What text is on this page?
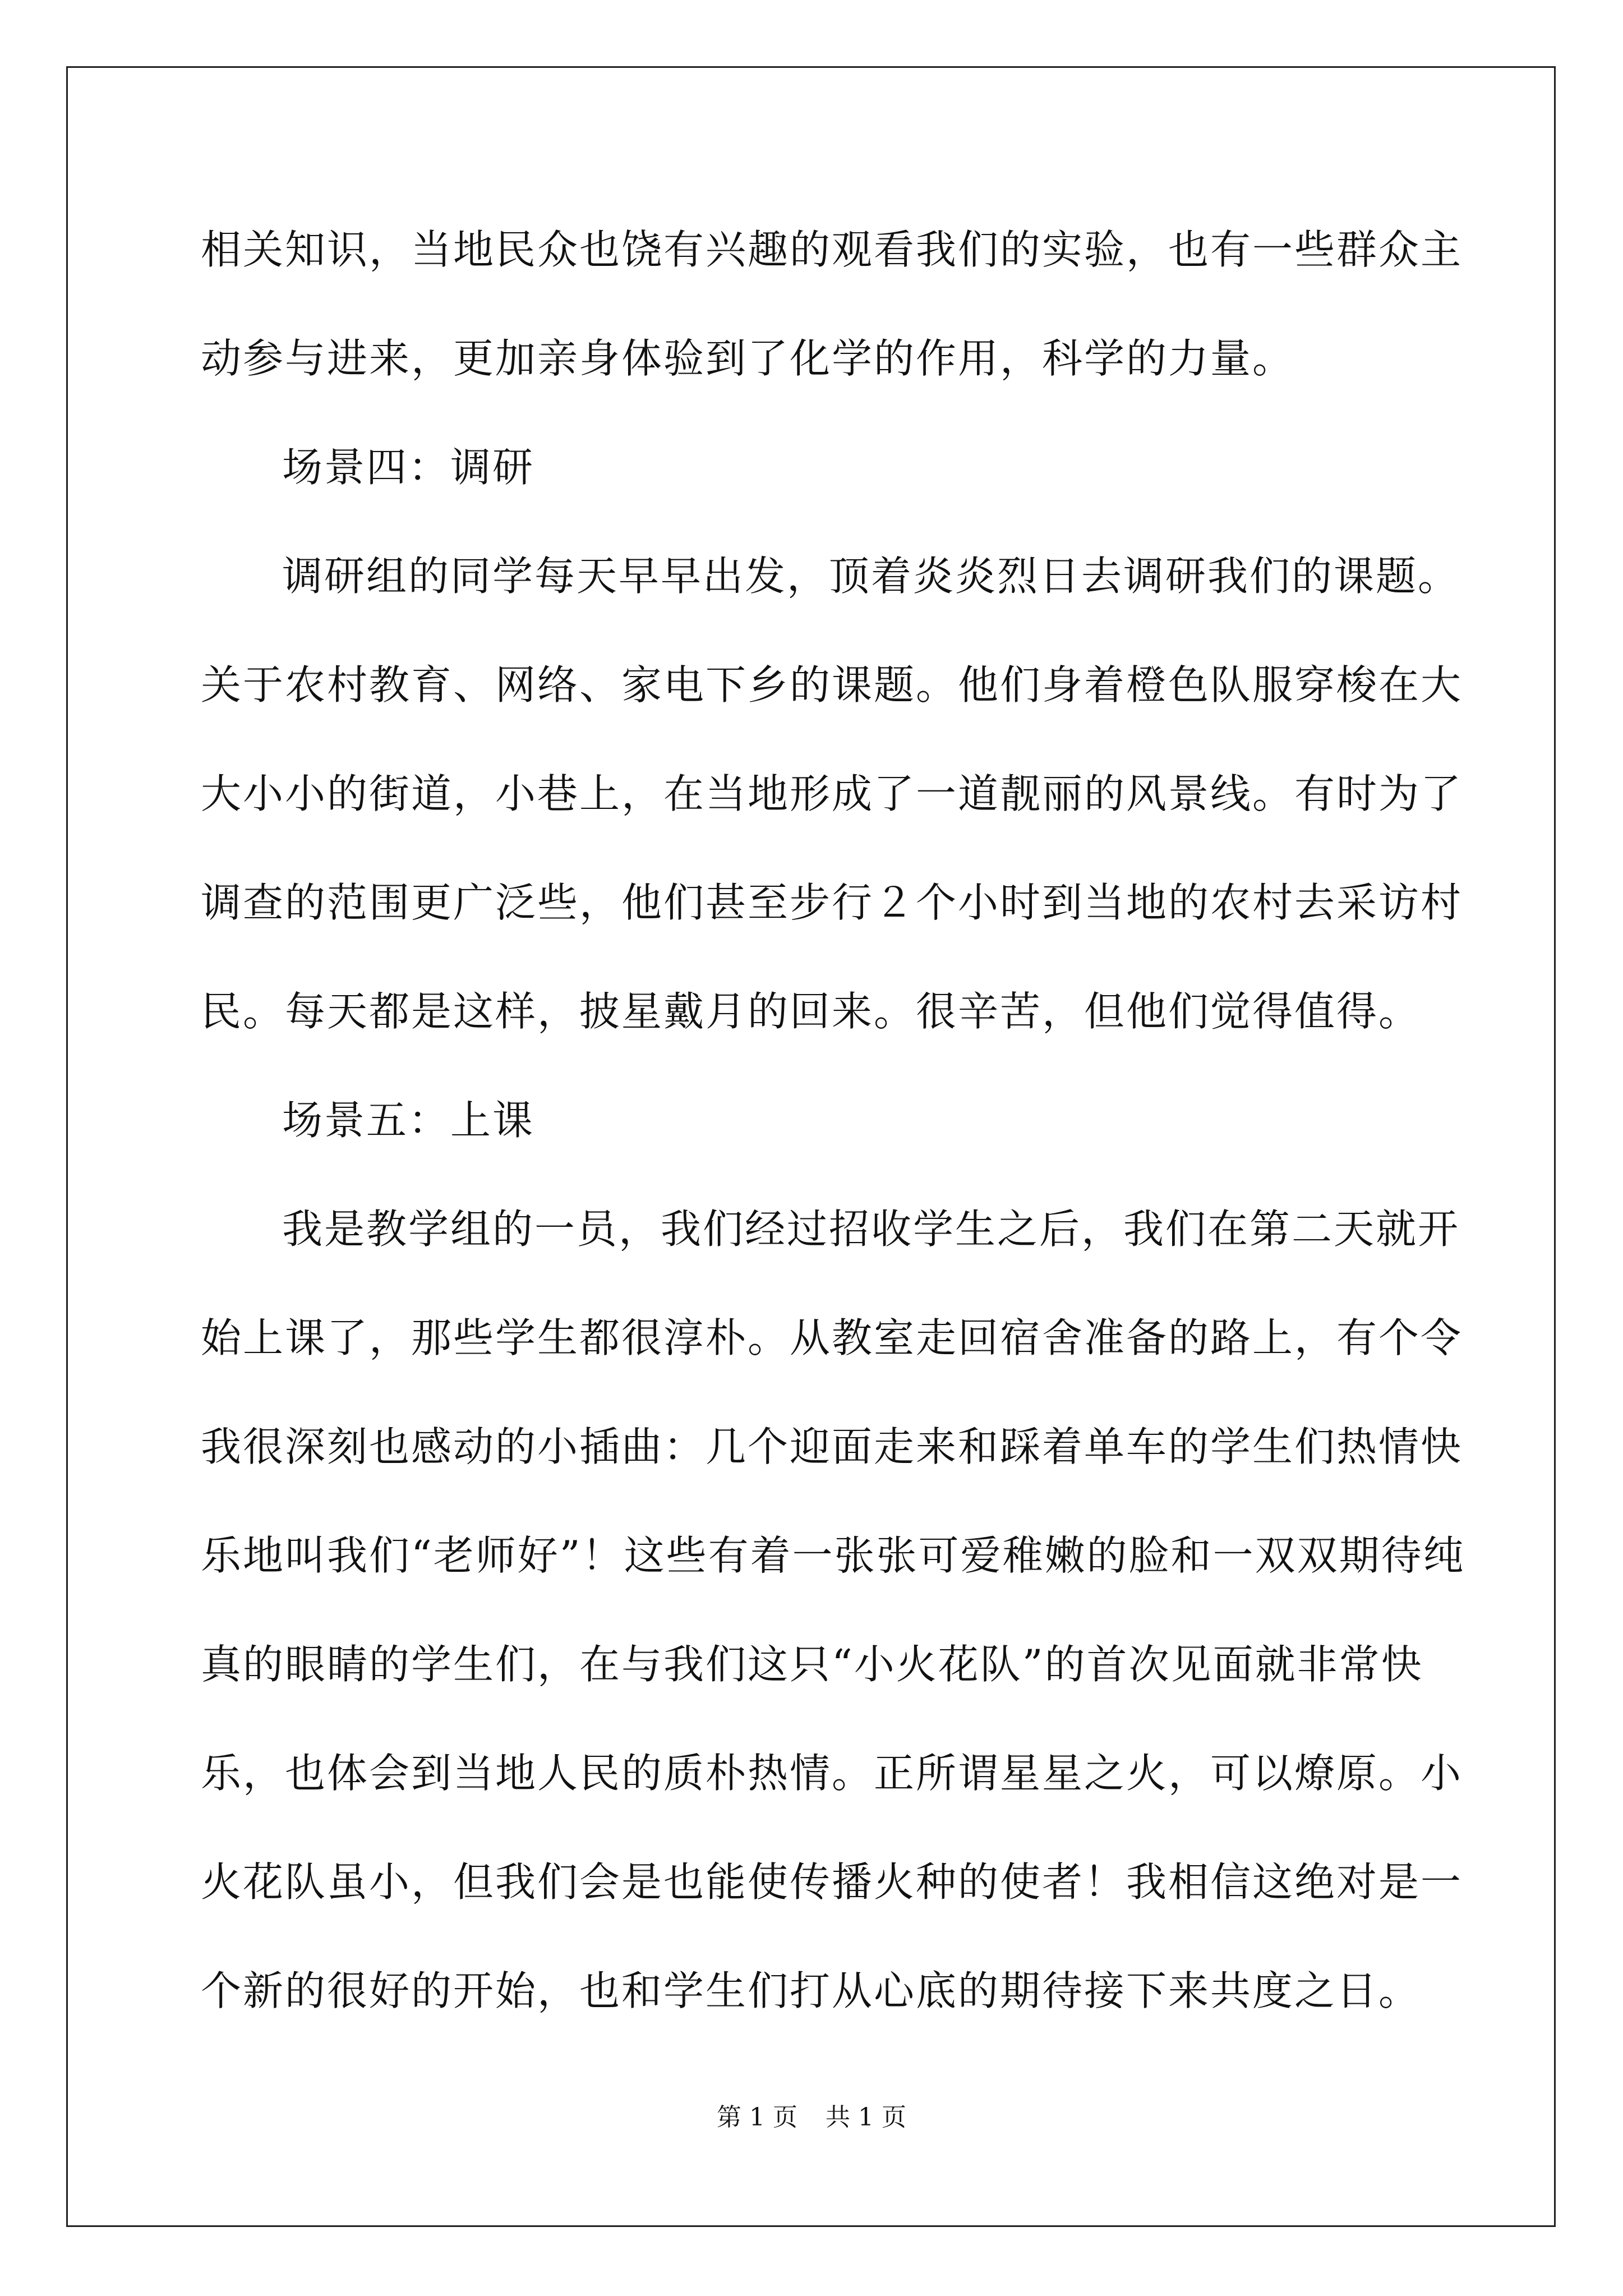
相关知识，当地民众也饶有兴趣的观看我们的实验，也有一些群众主
动参与进来，更加亲身体验到了化学的作用，科学的力量。
场景四：调研
调研组的同学每天早早出发，顶着炎炎烈日去调研我们的课题。
关于农村教育、网络、家电下乡的课题。他们身着橙色队服穿梭在大
大小小的街道，小巷上，在当地形成了一道靓丽的风景线。有时为了
调查的范围更广泛些，他们甚至步行２个小时到当地的农村去采访村
民。每天都是这样，披星戴月的回来。很辛苦，但他们觉得值得。
场景五：上课
我是教学组的一员，我们经过招收学生之后，我们在第二天就开
始上课了，那些学生都很淳朴。从教室走回宿舍准备的路上，有个令
我很深刻也感动的小插曲：几个迎面走来和踩着单车的学生们热情快
乐地叫我们“老师好”！这些有着一张张可爱稚嫩的脸和一双双期待纯
真的眼睛的学生们，在与我们这只“小火花队”的首次见面就非常快
乐，也体会到当地人民的质朴热情。正所谓星星之火，可以燎原。小
火花队虽小，但我们会是也能使传播火种的使者！我相信这绝对是一
个新的很好的开始，也和学生们打从心底的期待接下来共度之日。
第 1 页 共 1 页
